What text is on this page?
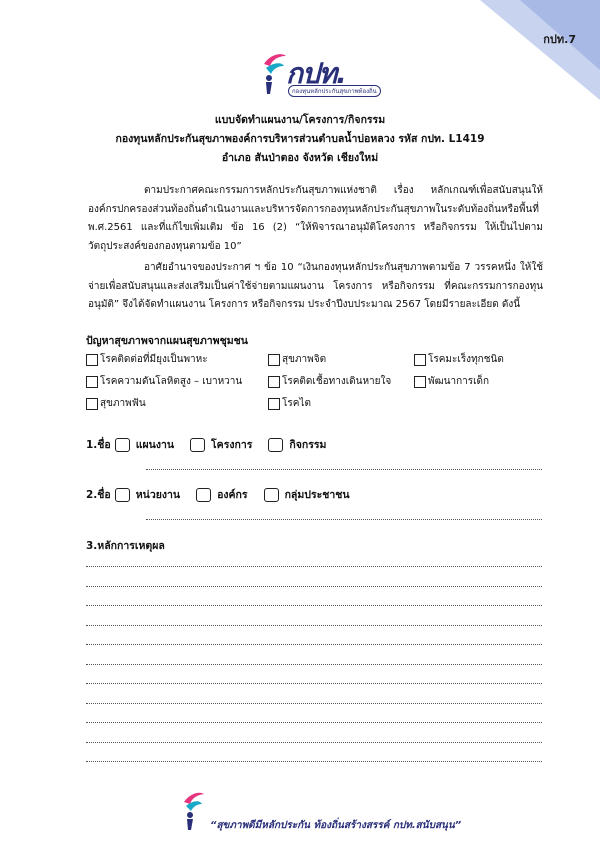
กปท.7
กปท.
กองทุนหลักประกันสุขภาพท้องถิ่น
แบบจัดทำแผนงาน/โครงการ/กิจกรรม
กองทุนหลักประกันสุขภาพองค์การบริหารส่วนตำบลน้ำบ่อหลวง รหัส กปท. L1419
อำเภอ สันป่าตอง จังหวัด เชียงใหม่
ตามประกาศคณะกรรมการหลักประกันสุขภาพแห่งชาติ เรื่อง หลักเกณฑ์เพื่อสนับสนุนให้องค์กรปกครองส่วนท้องถิ่นดำเนินงานและบริหารจัดการกองทุนหลักประกันสุขภาพในระดับท้องถิ่นหรือพื้นที่ พ.ศ.2561 และที่แก้ไขเพิ่มเติม ข้อ 16 (2) “ให้พิจารณาอนุมัติโครงการ หรือกิจกรรม ให้เป็นไปตามวัตถุประสงค์ของกองทุนตามข้อ 10”
อาศัยอำนาจของประกาศ ฯ ข้อ 10 “เงินกองทุนหลักประกันสุขภาพตามข้อ 7 วรรคหนึ่ง ให้ใช้จ่ายเพื่อสนับสนุนและส่งเสริมเป็นค่าใช้จ่ายตามแผนงาน โครงการ หรือกิจกรรม ที่คณะกรรมการกองทุนอนุมัติ” จึงได้จัดทำแผนงาน โครงการ หรือกิจกรรม ประจำปีงบประมาณ 2567 โดยมีรายละเอียด ดังนี้
ปัญหาสุขภาพจากแผนสุขภาพชุมชน
โรคติดต่อที่มียุงเป็นพาหะ	สุขภาพจิต	โรคมะเร็งทุกชนิด
โรคความดันโลหิตสูง – เบาหวาน	โรคติดเชื้อทางเดินหายใจ	พัฒนาการเด็ก
สุขภาพฟัน	โรคไต
1.ชื่อ แผนงาน	โครงการ	กิจกรรม
2.ชื่อ หน่วยงาน	องค์กร	กลุ่มประชาชน
3.หลักการเหตุผล
“สุขภาพดีมีหลักประกัน ท้องถิ่นสร้างสรรค์ กปท.สนับสนุน”
